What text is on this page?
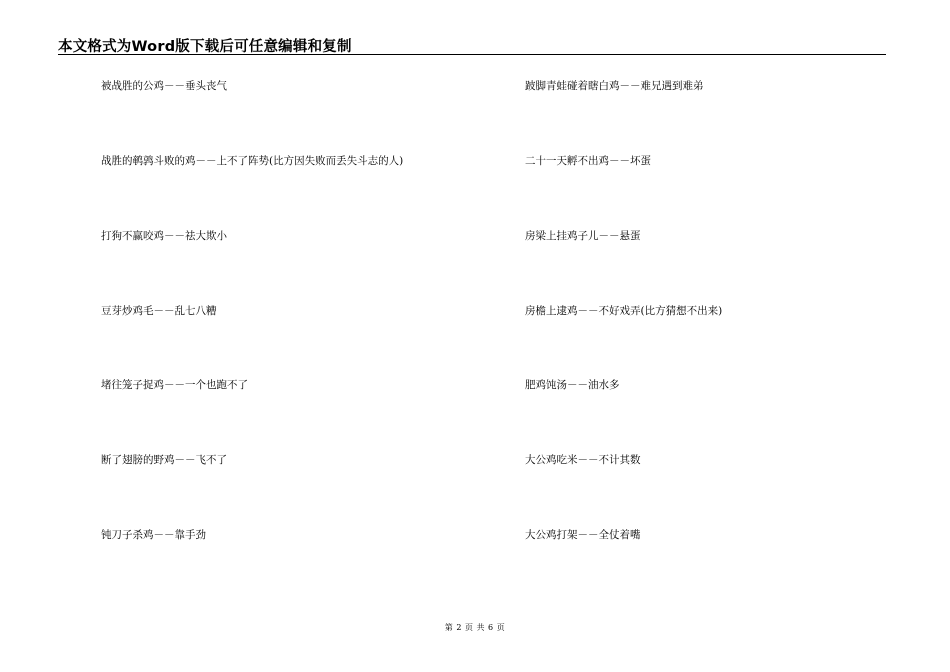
本文格式为Word版下载后可任意编辑和复制
被战胜的公鸡－－垂头丧气
战胜的鹌鹑斗败的鸡－－上不了阵势(比方因失败而丢失斗志的人)
打狗不赢咬鸡－－祛大欺小
豆芽炒鸡毛－－乱七八糟
堵往笼子捉鸡－－一个也跑不了
断了翅膀的野鸡－－飞不了
钝刀子杀鸡－－靠手劲
跛脚青蛙碰着瞎白鸡－－难兄遇到难弟
二十一天孵不出鸡－－坏蛋
房梁上挂鸡子儿－－悬蛋
房檐上逮鸡－－不好戏弄(比方猜想不出来)
肥鸡饨汤－－油水多
大公鸡吃米－－不计其数
大公鸡打架－－全仗着嘴
第 2 页 共 6 页
